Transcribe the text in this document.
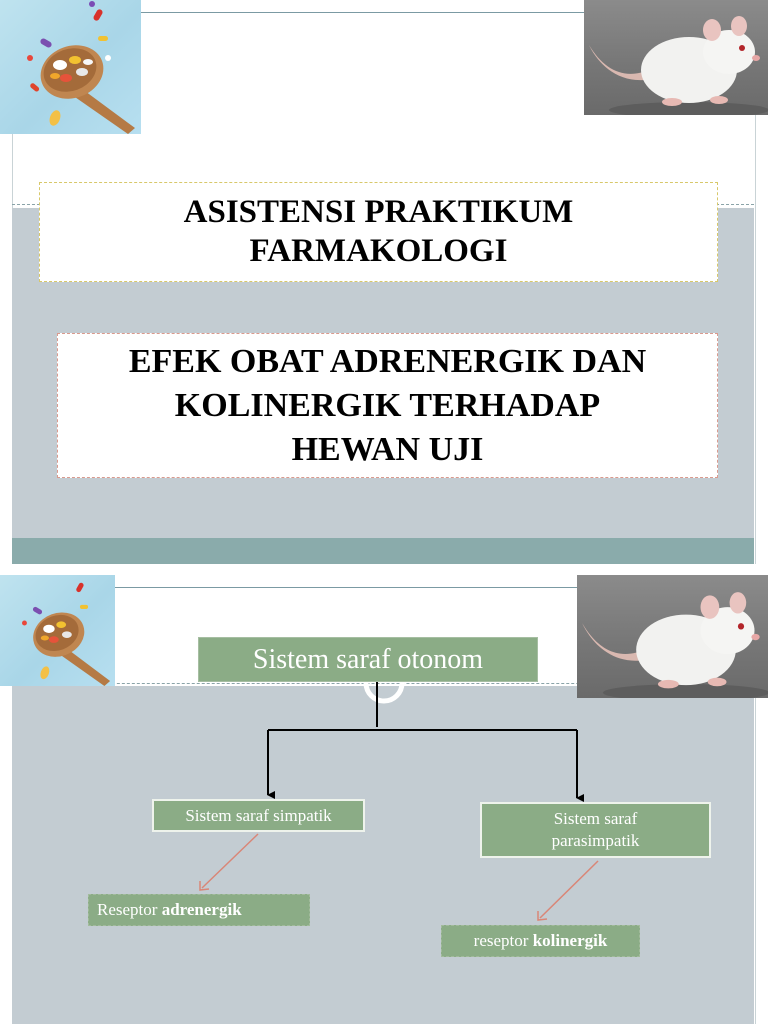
ASISTENSI PRAKTIKUM
FARMAKOLOGI
EFEK OBAT ADRENERGIK DAN
KOLINERGIK TERHADAP
HEWAN UJI
Sistem saraf otonom
Sistem saraf simpatik	Sistem saraf
parasimpatik
Reseptor
adrenergik
reseptor
kolinergik
